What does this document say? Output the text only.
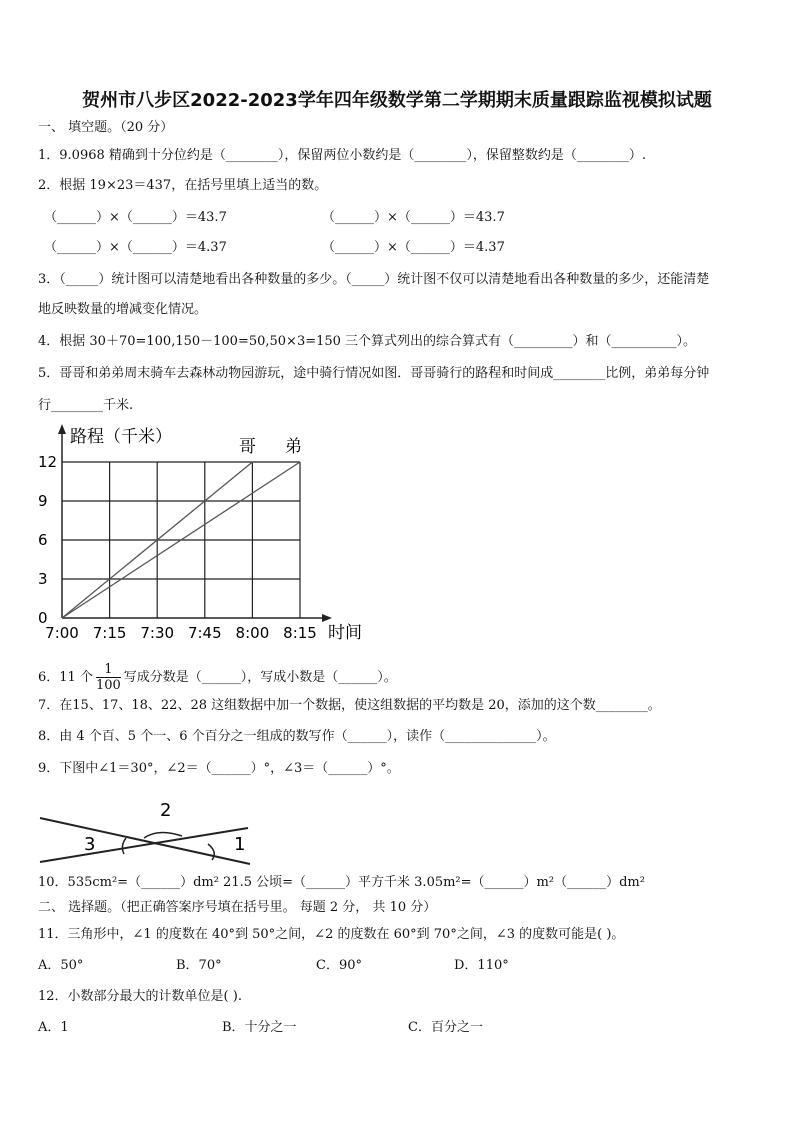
贺州市八步区2022-2023学年四年级数学第二学期期末质量跟踪监视模拟试题
一、 填空题。（20 分）
1．9.0968 精确到十分位约是（________），保留两位小数约是（________），保留整数约是（________）.
2．根据 19×23＝437，在括号里填上适当的数。
（______）×（______）＝43.7	（______）×（______）＝43.7
（______）×（______）＝4.37	（______）×（______）＝4.37
3．（_____）统计图可以清楚地看出各种数量的多少。（_____）统计图不仅可以清楚地看出各种数量的多少，还能清楚
地反映数量的增减变化情况。
4．根据 30＋70=100,150－100=50,50×3=150 三个算式列出的综合算式有（_________）和（__________）。
5．哥哥和弟弟周末骑车去森林动物园游玩，途中骑行情况如图．哥哥骑行的路程和时间成________比例，弟弟每分钟
行________千米.
0
3
6
9
12
7:00 7:15 7:30 7:45 8:00 8:15
路程（千米）
时间
哥 弟
6．11 个 $\frac{1}{100}$ 写成分数是（______），写成小数是（______）。
7．在15、17、18、22、28 这组数据中加一个数据，使这组数据的平均数是 20，添加的这个数________。
8．由 4 个百、5 个一、6 个百分之一组成的数写作（______），读作（______________）。
9．下图中∠1＝30°，∠2＝（______）°，∠3＝（______）°。
1
2
3
10．535cm²=（______）dm² 21.5 公顷=（______）平方千米 3.05m²=（______）m²（______）dm²
二、 选择题。（把正确答案序号填在括号里。 每题 2 分， 共 10 分）
11．三角形中，∠1 的度数在 40°到 50°之间，∠2 的度数在 60°到 70°之间，∠3 的度数可能是( )。
A．50°	B．70°	C．90°	D．110°
12．小数部分最大的计数单位是( ).
A．1	B．十分之一	C．百分之一
